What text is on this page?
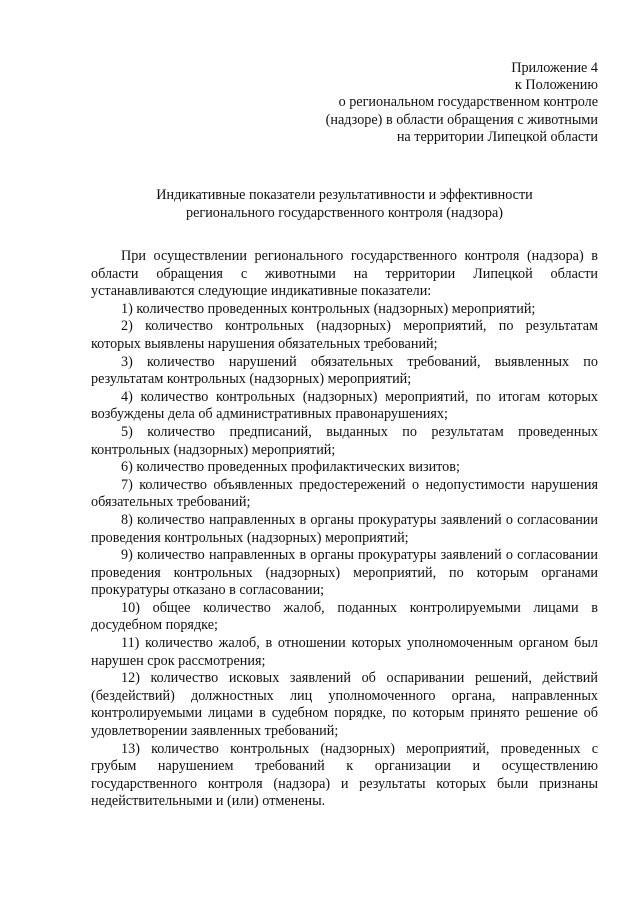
Приложение 4
к Положению
о региональном государственном контроле
(надзоре) в области обращения с животными
на территории Липецкой области
Индикативные показатели результативности и эффективности
регионального государственного контроля (надзора)

При осуществлении регионального государственного контроля (надзора) в области обращения с животными на территории Липецкой области устанавливаются следующие индикативные показатели:

1) количество проведенных контрольных (надзорных) мероприятий;

2) количество контрольных (надзорных) мероприятий, по результатам которых выявлены нарушения обязательных требований;

3) количество нарушений обязательных требований, выявленных по результатам контрольных (надзорных) мероприятий;

4) количество контрольных (надзорных) мероприятий, по итогам которых возбуждены дела об административных правонарушениях;

5) количество предписаний, выданных по результатам проведенных контрольных (надзорных) мероприятий;

6) количество проведенных профилактических визитов;

7) количество объявленных предостережений о недопустимости нарушения обязательных требований;

8) количество направленных в органы прокуратуры заявлений о согласовании проведения контрольных (надзорных) мероприятий;

9) количество направленных в органы прокуратуры заявлений о согласовании проведения контрольных (надзорных) мероприятий, по которым органами прокуратуры отказано в согласовании;

10) общее количество жалоб, поданных контролируемыми лицами в досудебном порядке;

11) количество жалоб, в отношении которых уполномоченным органом был нарушен срок рассмотрения;

12) количество исковых заявлений об оспаривании решений, действий (бездействий) должностных лиц уполномоченного органа, направленных контролируемыми лицами в судебном порядке, по которым принято решение об удовлетворении заявленных требований;

13) количество контрольных (надзорных) мероприятий, проведенных с грубым нарушением требований к организации и осуществлению государственного контроля (надзора) и результаты которых были признаны недействительными и (или) отменены.
